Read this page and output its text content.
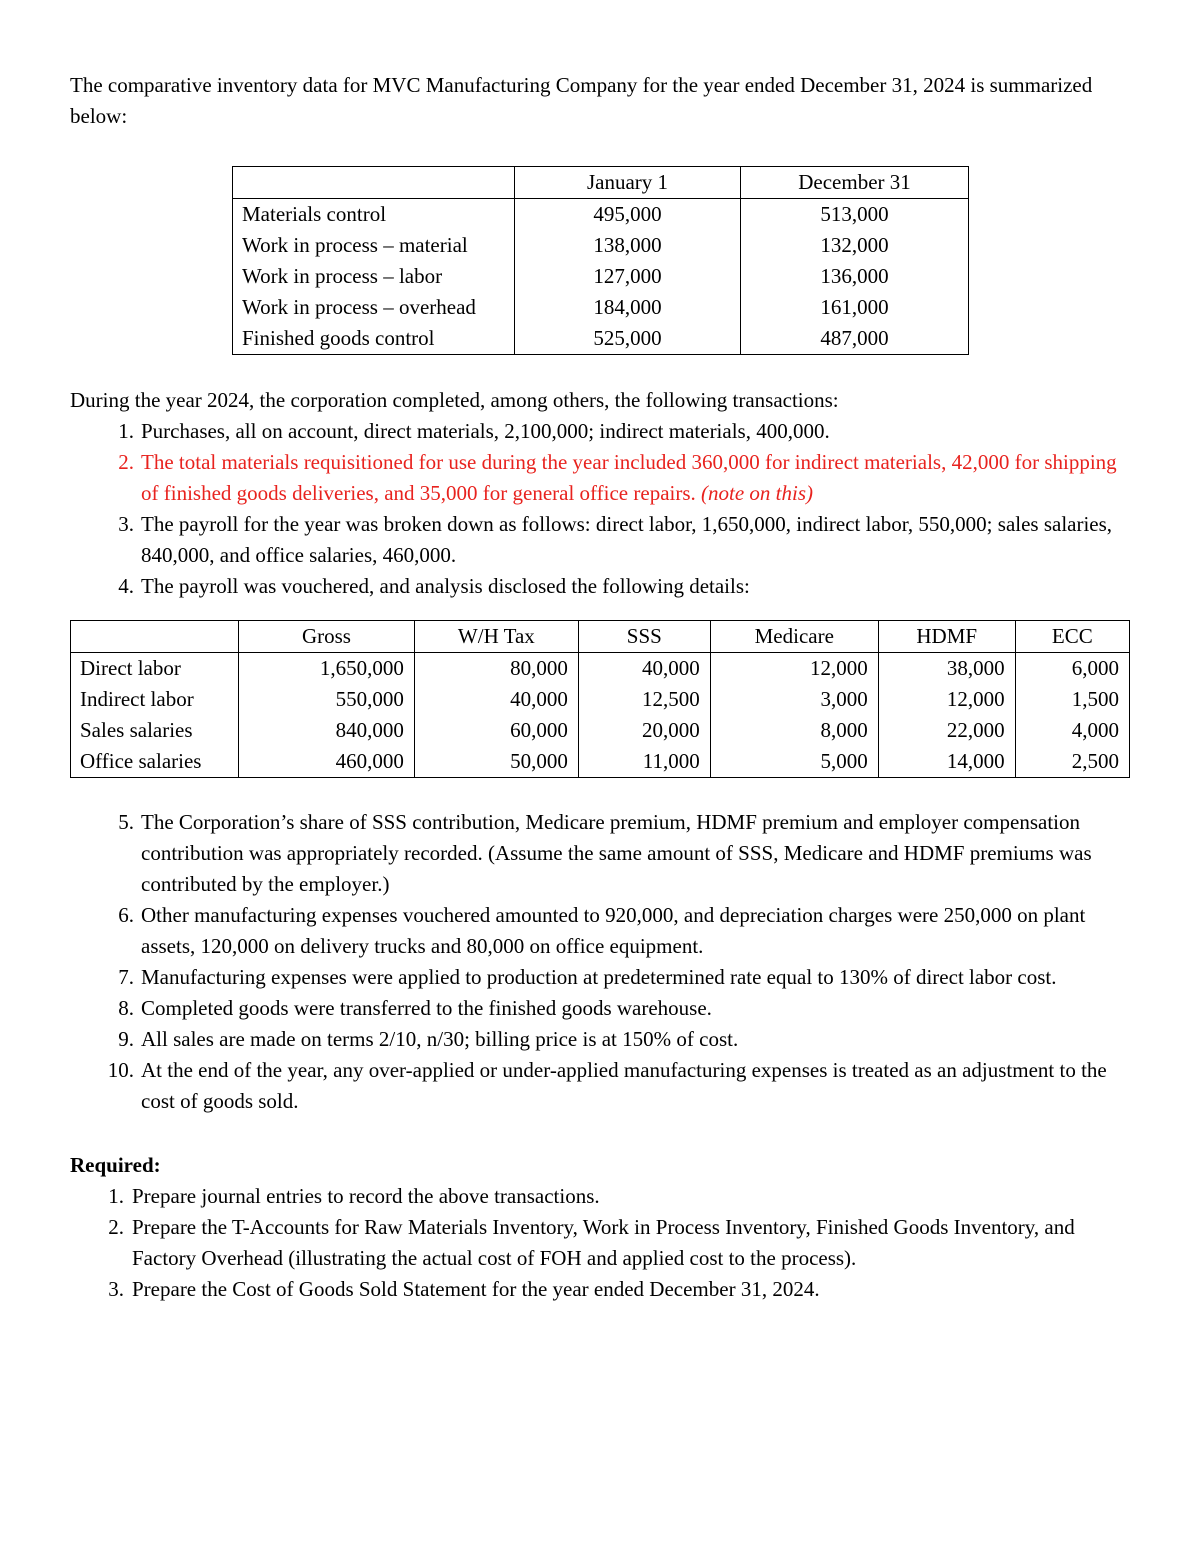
The comparative inventory data for MVC Manufacturing Company for the year ended December 31, 2024 is summarized below:

	January 1	December 31
Materials control	495,000	513,000
Work in process – material	138,000	132,000
Work in process – labor	127,000	136,000
Work in process – overhead	184,000	161,000
Finished goods control	525,000	487,000

During the year 2024, the corporation completed, among others, the following transactions:

1. Purchases, all on account, direct materials, 2,100,000; indirect materials, 400,000.
2. The total materials requisitioned for use during the year included 360,000 for indirect materials, 42,000 for shipping of finished goods deliveries, and 35,000 for general office repairs. (note on this)
3. The payroll for the year was broken down as follows: direct labor, 1,650,000, indirect labor, 550,000; sales salaries, 840,000, and office salaries, 460,000.
4. The payroll was vouchered, and analysis disclosed the following details:
	Gross	W/H Tax	SSS	Medicare	HDMF	ECC
Direct labor	1,650,000	80,000	40,000	12,000	38,000	6,000
Indirect labor	550,000	40,000	12,500	3,000	12,000	1,500
Sales salaries	840,000	60,000	20,000	8,000	22,000	4,000
Office salaries	460,000	50,000	11,000	5,000	14,000	2,500
5. The Corporation’s share of SSS contribution, Medicare premium, HDMF premium and employer compensation contribution was appropriately recorded. (Assume the same amount of SSS, Medicare and HDMF premiums was contributed by the employer.)
6. Other manufacturing expenses vouchered amounted to 920,000, and depreciation charges were 250,000 on plant assets, 120,000 on delivery trucks and 80,000 on office equipment.
7. Manufacturing expenses were applied to production at predetermined rate equal to 130% of direct labor cost.
8. Completed goods were transferred to the finished goods warehouse.
9. All sales are made on terms 2/10, n/30; billing price is at 150% of cost.
10. At the end of the year, any over-applied or under-applied manufacturing expenses is treated as an adjustment to the cost of goods sold.

Required:

1. Prepare journal entries to record the above transactions.
2. Prepare the T-Accounts for Raw Materials Inventory, Work in Process Inventory, Finished Goods Inventory, and Factory Overhead (illustrating the actual cost of FOH and applied cost to the process).
3. Prepare the Cost of Goods Sold Statement for the year ended December 31, 2024.
